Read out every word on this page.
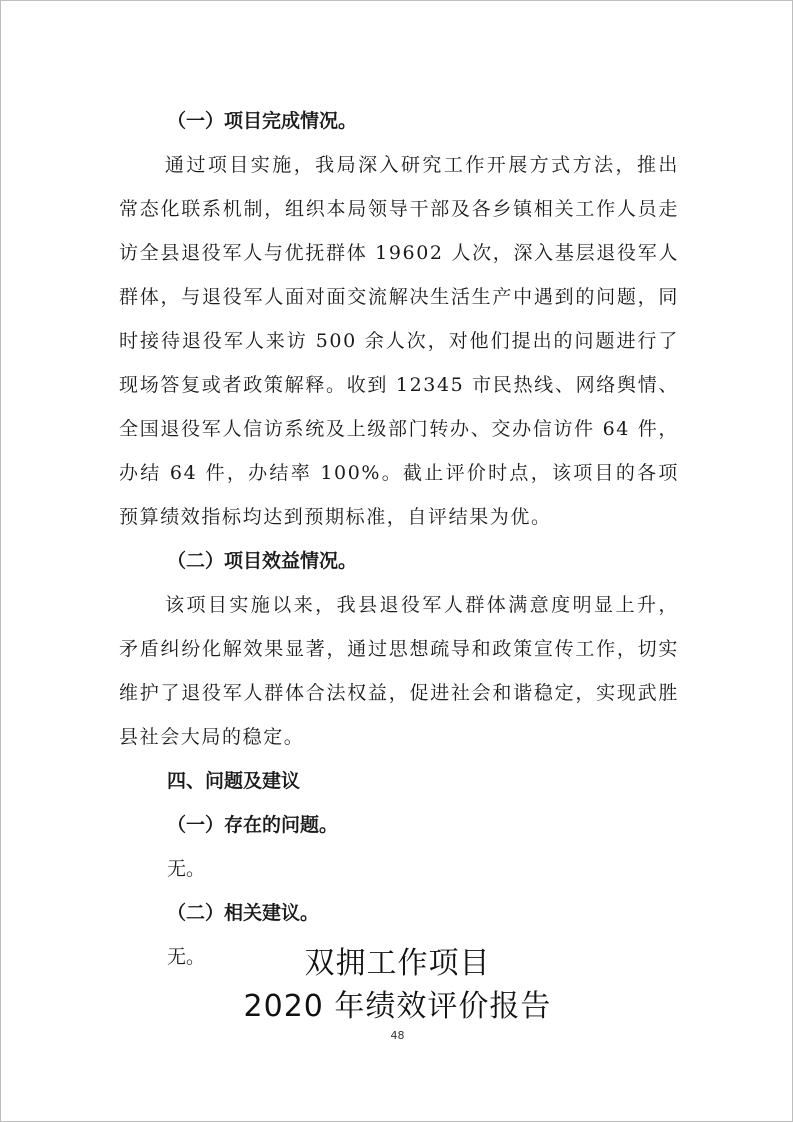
（一）项目完成情况。

通过项目实施，我局深入研究工作开展方式方法，推出常态化联系机制，组织本局领导干部及各乡镇相关工作人员走访全县退役军人与优抚群体 19602 人次，深入基层退役军人群体，与退役军人面对面交流解决生活生产中遇到的问题，同时接待退役军人来访 500 余人次，对他们提出的问题进行了现场答复或者政策解释。收到 12345 市民热线、网络舆情、全国退役军人信访系统及上级部门转办、交办信访件 64 件，办结 64 件，办结率 100%。截止评价时点，该项目的各项预算绩效指标均达到预期标准，自评结果为优。

（二）项目效益情况。

该项目实施以来，我县退役军人群体满意度明显上升，矛盾纠纷化解效果显著，通过思想疏导和政策宣传工作，切实维护了退役军人群体合法权益，促进社会和谐稳定，实现武胜县社会大局的稳定。

四、问题及建议
（一）存在的问题。
无。
（二）相关建议。
无。	双拥工作项目
2020 年绩效评价报告
48
